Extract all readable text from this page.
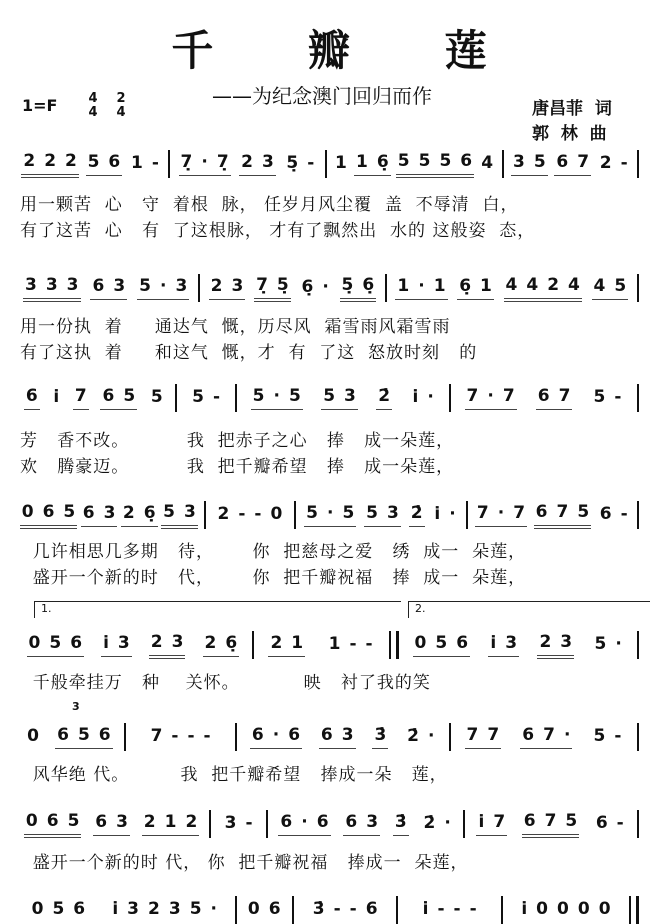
千 瓣 莲
——为纪念澳门回归而作
1=F 4
4
2
4	唐昌菲  词
郭  林  曲
1.	2.
2 2 2 5 6 1 - 7̣ · 7̣ 2 3 5̣ - 1 1 6̣ 5 5 5 6 4 3 5 6 7 2 -
用一颗苦  心   守  着根  脉， 任岁月风尘覆  盖  不辱清  白，
有了这苦  心   有  了这根脉， 才有了飘然出  水的 这般姿  态，
3 3 3 6 3 5 · 3 2 3 7̣ 5̣ 6̣ · 5̣ 6̣ 1 · 1 6̣ 1 4 4 2 4 4 5
用一份执  着     通达气  慨，历尽风  霜雪雨风霜雪雨
有了这执  着     和这气  慨，才  有  了这  怒放时刻   的
6 i̇ 7 6 5 5 5 - 5 · 5 5 3 2̇ i̇ · 7 · 7 6 7 5 -
芳   香不改。         我  把赤子之心   捧   成一朵莲，
欢   腾豪迈。         我  把千瓣希望   捧   成一朵莲，
0 6 5 6 3 2 6̣ 5 3 2 - - 0 5 · 5 5 3 2̇ i̇ · 7 · 7 6 7 5 6 -
几许相思几多期   待，      你  把慈母之爱   绣  成一  朵莲，
盛开一个新的时   代，      你  把千瓣祝福   捧  成一  朵莲，
0 5 6 i̇ 3 2 3 2 6̣ 2 1 1 - - 0 5 6 i̇ 3 2 3 5 ·
千般牵挂万   种    关怀。          映   衬了我的笑
0 6 5 6 7 - - - 6 · 6 6 3 3̇ 2̇ · 7 7 6 7 · 5 -
风华绝 代。        我  把千瓣希望   捧成一朵   莲，
3
0 6 5 6 3 2 1 2 3 - 6 · 6 6 3 3̇ 2̇ · i̇ 7 6 7 5 6 -
盛开一个新的时 代， 你  把千瓣祝福   捧成一  朵莲，
0 5 6 i̇ 3 2 3 5 · 0 6 3̇ - - 6	i̇ - - -	i̇ 0 0 0 0
